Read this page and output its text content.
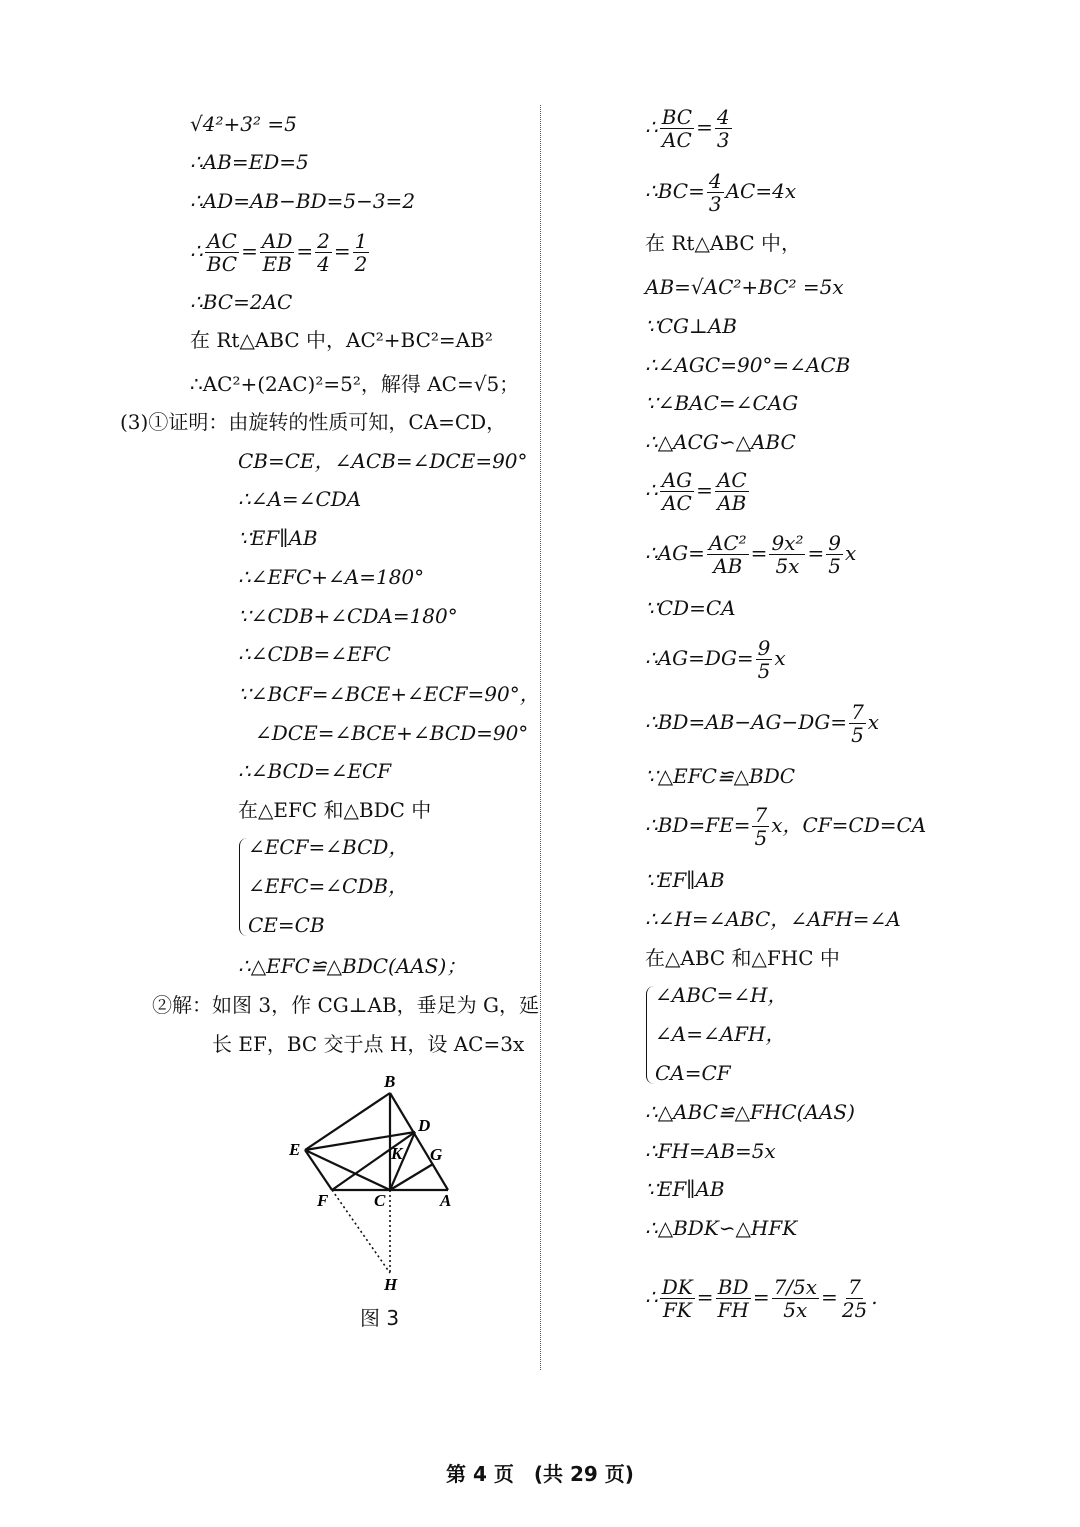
√4²+3² =5
∴AB=ED=5
∴AD=AB−BD=5−3=2
∴ $\frac{AC}{BC} = \frac{AD}{EB} = \frac{2}{4} = \frac{1}{2}$
∴BC=2AC
在 Rt△ABC 中，AC²+BC²=AB²
∴AC²+(2AC)²=5²，解得 AC=√5；
(3)①证明：由旋转的性质可知，CA=CD，
CB=CE，∠ACB=∠DCE=90°
∴∠A=∠CDA
∵EF∥AB
∴∠EFC+∠A=180°
∵∠CDB+∠CDA=180°
∴∠CDB=∠EFC
∵∠BCF=∠BCE+∠ECF=90°，
∠DCE=∠BCE+∠BCD=90°
∴∠BCD=∠ECF
在△EFC 和△BDC 中
∠ECF=∠BCD，
∠EFC=∠CDB，
CE=CB
∴△EFC≌△BDC(AAS)；
②解：如图 3，作 CG⊥AB，垂足为 G，延
长 EF，BC 交于点 H，设 AC=3x
B
D
E	K G
F	C	A
H
图 3
∴ $\frac{BC}{AC} = \frac{4}{3}$
∴BC= $\frac{4}{3} AC=4x$
在 Rt△ABC 中，
AB=√AC²+BC² =5x
∵CG⊥AB
∴∠AGC=90°=∠ACB
∵∠BAC=∠CAG
∴△ACG∽△ABC
∴ $\frac{AG}{AC} = \frac{AC}{AB}$
∴AG= $\frac{\text{AC²}}{AB} = \frac{\text{9x²}}{5x} = \frac{9}{5}$ x
∵CD=CA
∴AG=DG= $\frac{9}{5}$ x
∴BD=AB−AG−DG= $\frac{7}{5}$ x
∵△EFC≌△BDC
∴BD=FE= $\frac{7}{5}$ x，CF=CD=CA
∵EF∥AB
∴∠H=∠ABC，∠AFH=∠A
在△ABC 和△FHC 中
∠ABC=∠H，
∠A=∠AFH，
CA=CF
∴△ABC≌△FHC(AAS)
∴FH=AB=5x
∵EF∥AB
∴△BDK∽△HFK
∴ $\frac{DK}{FK} = \frac{BD}{FH} = \frac{7/5x}{5x} = \frac{7}{25}$ .
第 4 页　(共 29 页)
